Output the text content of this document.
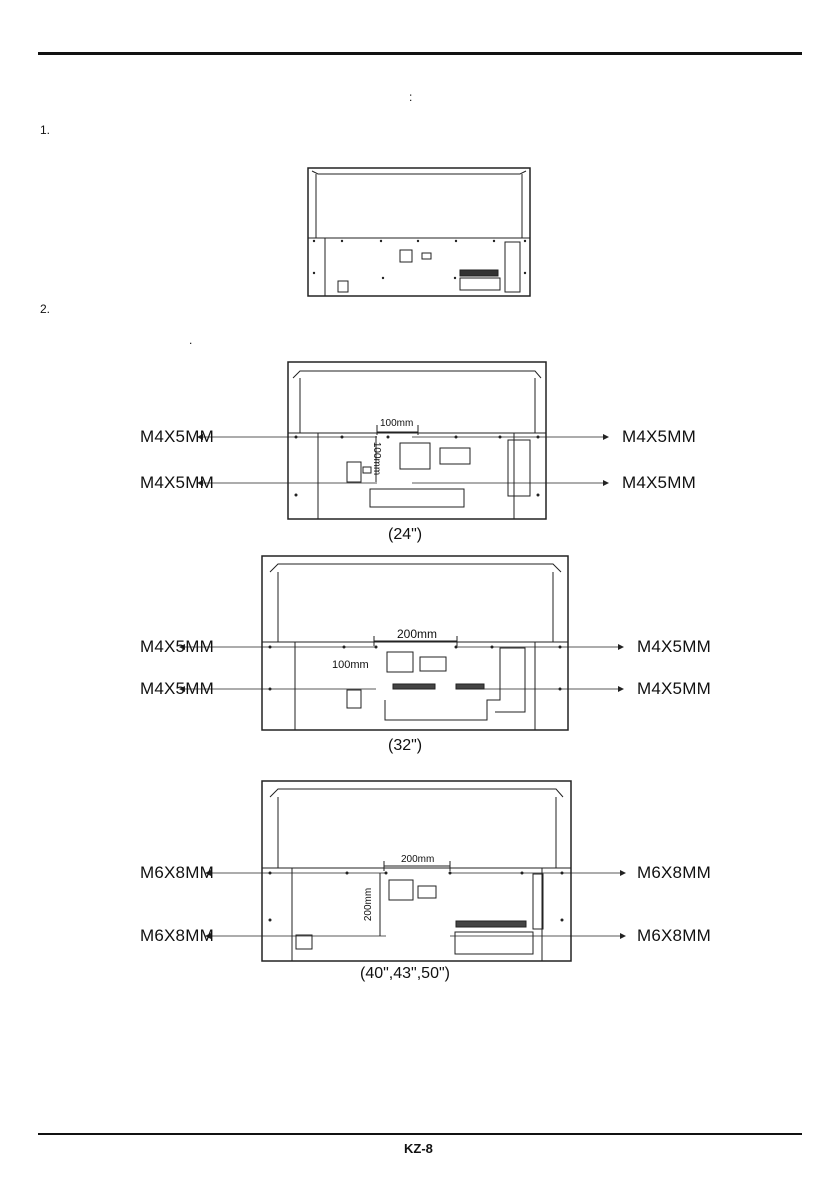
:
1.
2.
.
M4X5MM
M4X5MM
M4X5MM
M4X5MM
100mm
100mm
(24")
M4X5MM
M4X5MM
M4X5MM
M4X5MM
200mm
100mm
(32")
M6X8MM
M6X8MM
M6X8MM
M6X8MM
200mm
200mm
(40",43",50")
KZ-8
